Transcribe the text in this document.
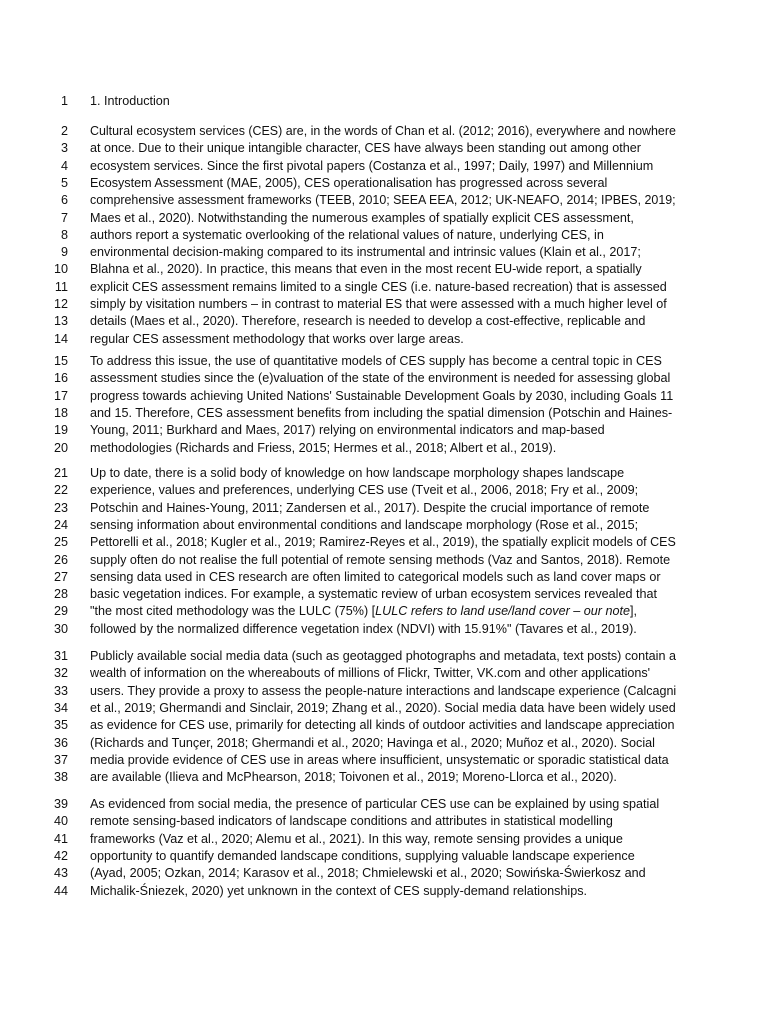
1 1. Introduction
2 Cultural ecosystem services (CES) are, in the words of Chan et al. (2012; 2016), everywhere and nowhere
3 at once. Due to their unique intangible character, CES have always been standing out among other
4 ecosystem services. Since the first pivotal papers (Costanza et al., 1997; Daily, 1997) and Millennium
5 Ecosystem Assessment (MAE, 2005), CES operationalisation has progressed across several
6 comprehensive assessment frameworks (TEEB, 2010; SEEA EEA, 2012; UK-NEAFO, 2014; IPBES, 2019;
7 Maes et al., 2020). Notwithstanding the numerous examples of spatially explicit CES assessment,
8 authors report a systematic overlooking of the relational values of nature, underlying CES, in
9 environmental decision-making compared to its instrumental and intrinsic values (Klain et al., 2017;
10 Blahna et al., 2020). In practice, this means that even in the most recent EU-wide report, a spatially
11 explicit CES assessment remains limited to a single CES (i.e. nature-based recreation) that is assessed
12 simply by visitation numbers – in contrast to material ES that were assessed with a much higher level of
13 details (Maes et al., 2020). Therefore, research is needed to develop a cost-effective, replicable and
14 regular CES assessment methodology that works over large areas.
15 To address this issue, the use of quantitative models of CES supply has become a central topic in CES
16 assessment studies since the (e)valuation of the state of the environment is needed for assessing global
17 progress towards achieving United Nations' Sustainable Development Goals by 2030, including Goals 11
18 and 15. Therefore, CES assessment benefits from including the spatial dimension (Potschin and Haines-
19 Young, 2011; Burkhard and Maes, 2017) relying on environmental indicators and map-based
20 methodologies (Richards and Friess, 2015; Hermes et al., 2018; Albert et al., 2019).
21 Up to date, there is a solid body of knowledge on how landscape morphology shapes landscape
22 experience, values and preferences, underlying CES use (Tveit et al., 2006, 2018; Fry et al., 2009;
23 Potschin and Haines-Young, 2011; Zandersen et al., 2017). Despite the crucial importance of remote
24 sensing information about environmental conditions and landscape morphology (Rose et al., 2015;
25 Pettorelli et al., 2018; Kugler et al., 2019; Ramirez-Reyes et al., 2019), the spatially explicit models of CES
26 supply often do not realise the full potential of remote sensing methods (Vaz and Santos, 2018). Remote
27 sensing data used in CES research are often limited to categorical models such as land cover maps or
28 basic vegetation indices. For example, a systematic review of urban ecosystem services revealed that
29 "the most cited methodology was the LULC (75%) [LULC refers to land use/land cover – our note],
30 followed by the normalized difference vegetation index (NDVI) with 15.91%" (Tavares et al., 2019).
31 Publicly available social media data (such as geotagged photographs and metadata, text posts) contain a
32 wealth of information on the whereabouts of millions of Flickr, Twitter, VK.com and other applications'
33 users. They provide a proxy to assess the people-nature interactions and landscape experience (Calcagni
34 et al., 2019; Ghermandi and Sinclair, 2019; Zhang et al., 2020). Social media data have been widely used
35 as evidence for CES use, primarily for detecting all kinds of outdoor activities and landscape appreciation
36 (Richards and Tunçer, 2018; Ghermandi et al., 2020; Havinga et al., 2020; Muñoz et al., 2020). Social
37 media provide evidence of CES use in areas where insufficient, unsystematic or sporadic statistical data
38 are available (Ilieva and McPhearson, 2018; Toivonen et al., 2019; Moreno-Llorca et al., 2020).
39 As evidenced from social media, the presence of particular CES use can be explained by using spatial
40 remote sensing-based indicators of landscape conditions and attributes in statistical modelling
41 frameworks (Vaz et al., 2020; Alemu et al., 2021). In this way, remote sensing provides a unique
42 opportunity to quantify demanded landscape conditions, supplying valuable landscape experience
43 (Ayad, 2005; Ozkan, 2014; Karasov et al., 2018; Chmielewski et al., 2020; Sowińska-Świerkosz and
44 Michalik-Śniezek, 2020) yet unknown in the context of CES supply-demand relationships.
